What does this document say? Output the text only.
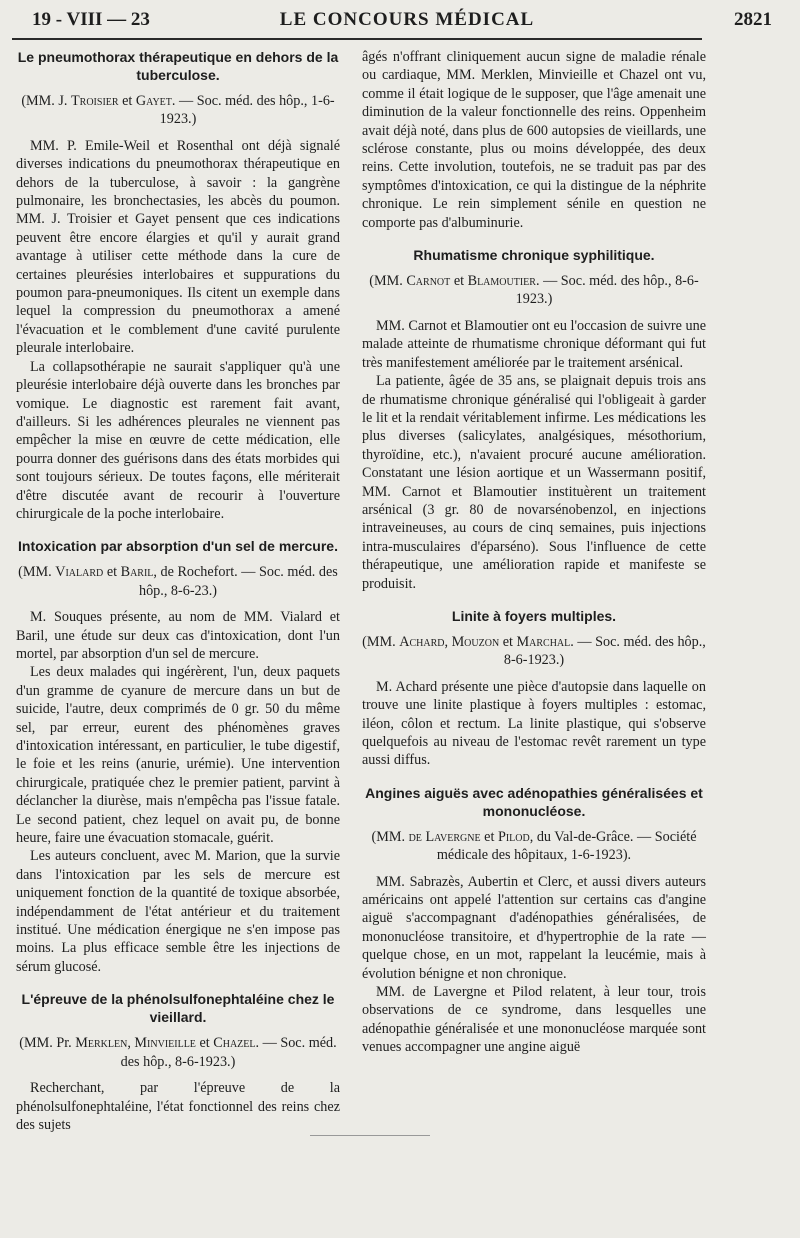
19 - VIII — 23	LE CONCOURS MÉDICAL	2821
Le pneumothorax thérapeutique en dehors de la tuberculose.

(MM. J. Troisier et Gayet. — Soc. méd. des hôp., 1-6-1923.)

MM. P. Emile-Weil et Rosenthal ont déjà signalé diverses indications du pneumothorax thérapeutique en dehors de la tuberculose, à savoir : la gangrène pulmonaire, les bronchectasies, les abcès du poumon. MM. J. Troisier et Gayet pensent que ces indications peuvent être encore élargies et qu'il y aurait grand avantage à utiliser cette méthode dans la cure de certaines pleurésies interlobaires et suppurations du poumon para-pneumoniques. Ils citent un exemple dans lequel la compression du pneumothorax a amené l'évacuation et le comblement d'une cavité purulente pleurale interlobaire.

La collapsothérapie ne saurait s'appliquer qu'à une pleurésie interlobaire déjà ouverte dans les bronches par vomique. Le diagnostic est rarement fait avant, d'ailleurs. Si les adhérences pleurales ne viennent pas empêcher la mise en œuvre de cette médication, elle pourra donner des guérisons dans des états morbides qui sont toujours sérieux. De toutes façons, elle mériterait d'être discutée avant de recourir à l'ouverture chirurgicale de la poche interlobaire.

Intoxication par absorption d'un sel de mercure.

(MM. Vialard et Baril, de Rochefort. — Soc. méd. des hôp., 8-6-23.)

M. Souques présente, au nom de MM. Vialard et Baril, une étude sur deux cas d'intoxication, dont l'un mortel, par absorption d'un sel de mercure.

Les deux malades qui ingérèrent, l'un, deux paquets d'un gramme de cyanure de mercure dans un but de suicide, l'autre, deux comprimés de 0 gr. 50 du même sel, par erreur, eurent des phénomènes graves d'intoxication intéressant, en particulier, le tube digestif, le foie et les reins (anurie, urémie). Une intervention chirurgicale, pratiquée chez le premier patient, parvint à déclancher la diurèse, mais n'empêcha pas l'issue fatale. Le second patient, chez lequel on avait pu, de bonne heure, faire une évacuation stomacale, guérit.

Les auteurs concluent, avec M. Marion, que la survie dans l'intoxication par les sels de mercure est uniquement fonction de la quantité de toxique absorbée, indépendamment de l'état antérieur et du traitement institué. Une médication énergique ne s'en impose pas moins. La plus efficace semble être les injections de sérum glucosé.

L'épreuve de la phénolsulfonephtaléine chez le vieillard.

(MM. Pr. Merklen, Minvieille et Chazel. — Soc. méd. des hôp., 8-6-1923.)

Recherchant, par l'épreuve de la phénolsulfonephtaléine, l'état fonctionnel des reins chez des sujets

âgés n'offrant cliniquement aucun signe de maladie rénale ou cardiaque, MM. Merklen, Minvieille et Chazel ont vu, comme il était logique de le supposer, que l'âge amenait une diminution de la valeur fonctionnelle des reins. Oppenheim avait déjà noté, dans plus de 600 autopsies de vieillards, une sclérose constante, plus ou moins développée, des deux reins. Cette involution, toutefois, ne se traduit pas par des symptômes d'intoxication, ce qui la distingue de la néphrite chronique. Le rein simplement sénile en question ne comporte pas d'albuminurie.

Rhumatisme chronique syphilitique.

(MM. Carnot et Blamoutier. — Soc. méd. des hôp., 8-6-1923.)

MM. Carnot et Blamoutier ont eu l'occasion de suivre une malade atteinte de rhumatisme chronique déformant qui fut très manifestement améliorée par le traitement arsénical.

La patiente, âgée de 35 ans, se plaignait depuis trois ans de rhumatisme chronique généralisé qui l'obligeait à garder le lit et la rendait véritablement infirme. Les médications les plus diverses (salicylates, analgésiques, mésothorium, thyroïdine, etc.), n'avaient procuré aucune amélioration. Constatant une lésion aortique et un Wassermann positif, MM. Carnot et Blamoutier instituèrent un traitement arsénical (3 gr. 80 de novarsénobenzol, en injections intraveineuses, au cours de cinq semaines, puis injections intra-musculaires d'éparséno). Sous l'influence de cette thérapeutique, une amélioration rapide et manifeste se produisit.

Linite à foyers multiples.

(MM. Achard, Mouzon et Marchal. — Soc. méd. des hôp., 8-6-1923.)

M. Achard présente une pièce d'autopsie dans laquelle on trouve une linite plastique à foyers multiples : estomac, iléon, côlon et rectum. La linite plastique, qui s'observe quelquefois au niveau de l'estomac revêt rarement un type aussi diffus.

Angines aiguës avec adénopathies généralisées et mononucléose.

(MM. de Lavergne et Pilod, du Val-de-Grâce. — Société médicale des hôpitaux, 1-6-1923).

MM. Sabrazès, Aubertin et Clerc, et aussi divers auteurs américains ont appelé l'attention sur certains cas d'angine aiguë s'accompagnant d'adénopathies généralisées, de mononucléose transitoire, et d'hypertrophie de la rate — quelque chose, en un mot, rappelant la leucémie, mais à évolution bénigne et non chronique.

MM. de Lavergne et Pilod relatent, à leur tour, trois observations de ce syndrome, dans lesquelles une adénopathie généralisée et une mononucléose marquée sont venues accompagner une angine aiguë
